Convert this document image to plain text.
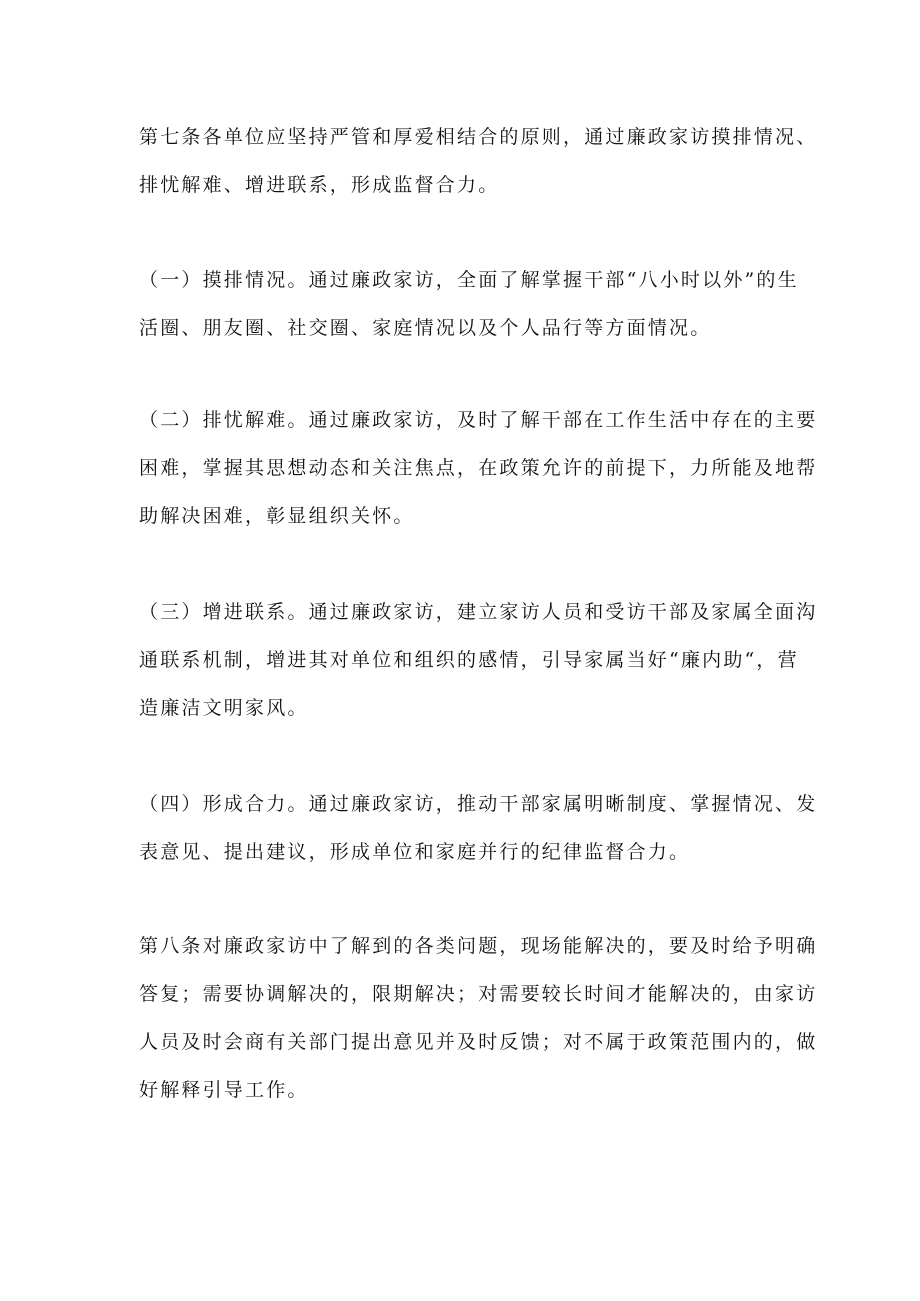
第七条各单位应坚持严管和厚爱相结合的原则，通过廉政家访摸排情况、
排忧解难、增进联系，形成监督合力。

（一）摸排情况。通过廉政家访，全面了解掌握干部“八小时以外”的生
活圈、朋友圈、社交圈、家庭情况以及个人品行等方面情况。

（二）排忧解难。通过廉政家访，及时了解干部在工作生活中存在的主要
困难，掌握其思想动态和关注焦点，在政策允许的前提下，力所能及地帮
助解决困难，彰显组织关怀。

（三）增进联系。通过廉政家访，建立家访人员和受访干部及家属全面沟
通联系机制，增进其对单位和组织的感情，引导家属当好“廉内助“，营
造廉洁文明家风。

（四）形成合力。通过廉政家访，推动干部家属明晰制度、掌握情况、发
表意见、提出建议，形成单位和家庭并行的纪律监督合力。

第八条对廉政家访中了解到的各类问题，现场能解决的，要及时给予明确
答复；需要协调解决的，限期解决；对需要较长时间才能解决的，由家访
人员及时会商有关部门提出意见并及时反馈；对不属于政策范围内的，做
好解释引导工作。
